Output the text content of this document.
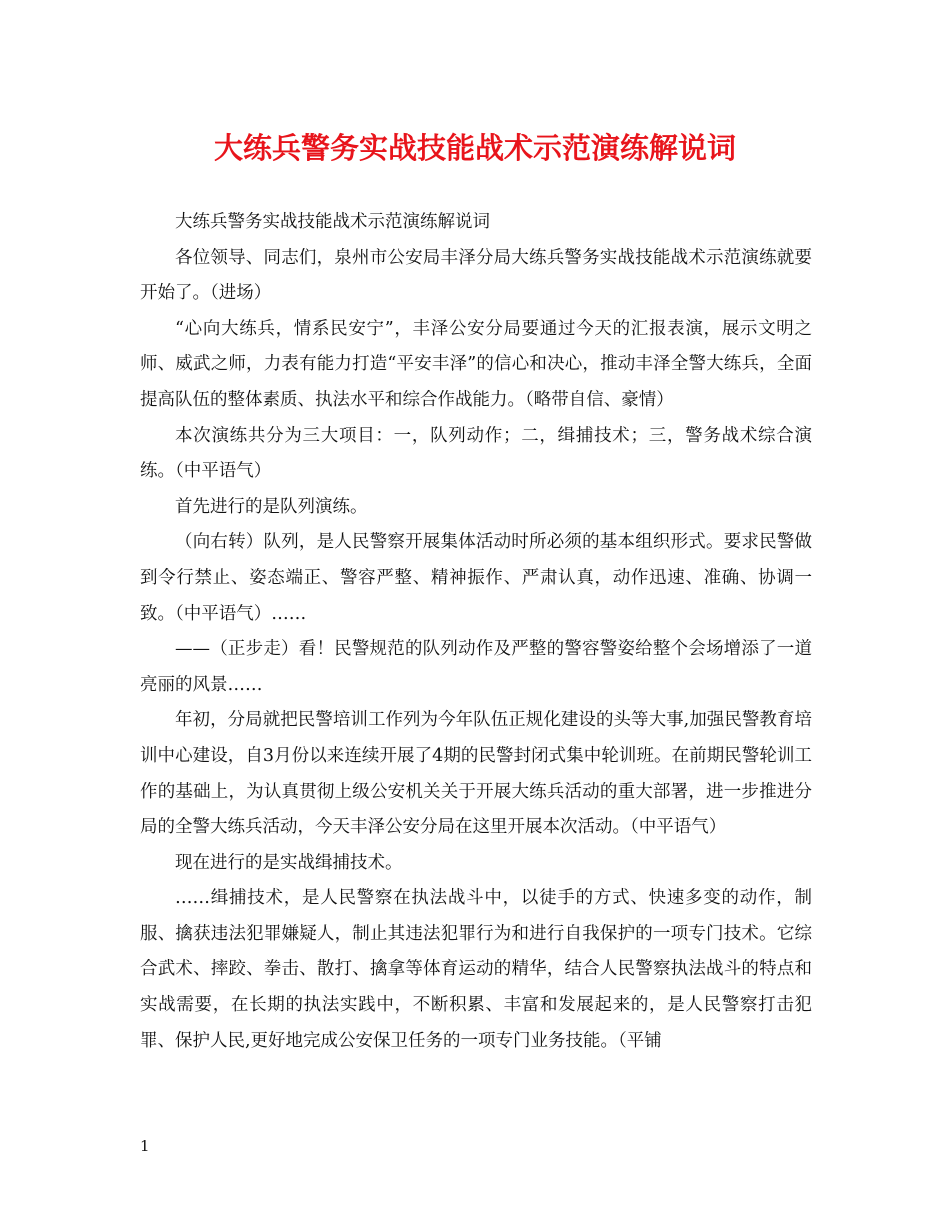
大练兵警务实战技能战术示范演练解说词

大练兵警务实战技能战术示范演练解说词

各位领导、同志们，泉州市公安局丰泽分局大练兵警务实战技能战术示范演练就要开始了。（进场）

“心向大练兵，情系民安宁”，丰泽公安分局要通过今天的汇报表演，展示文明之师、威武之师，力表有能力打造“平安丰泽”的信心和决心，推动丰泽全警大练兵，全面提高队伍的整体素质、执法水平和综合作战能力。（略带自信、豪情）

本次演练共分为三大项目：一，队列动作；二，缉捕技术；三，警务战术综合演练。（中平语气）

首先进行的是队列演练。

（向右转）队列，是人民警察开展集体活动时所必须的基本组织形式。要求民警做到令行禁止、姿态端正、警容严整、精神振作、严肃认真，动作迅速、准确、协调一致。（中平语气）……

——（正步走）看！民警规范的队列动作及严整的警容警姿给整个会场增添了一道亮丽的风景……

年初，分局就把民警培训工作列为今年队伍正规化建设的头等大事,加强民警教育培训中心建设，自3月份以来连续开展了4期的民警封闭式集中轮训班。在前期民警轮训工作的基础上，为认真贯彻上级公安机关关于开展大练兵活动的重大部署，进一步推进分局的全警大练兵活动，今天丰泽公安分局在这里开展本次活动。（中平语气）

现在进行的是实战缉捕技术。

……缉捕技术，是人民警察在执法战斗中，以徒手的方式、快速多变的动作，制服、擒获违法犯罪嫌疑人，制止其违法犯罪行为和进行自我保护的一项专门技术。它综合武术、摔跤、拳击、散打、擒拿等体育运动的精华，结合人民警察执法战斗的特点和实战需要，在长期的执法实践中，不断积累、丰富和发展起来的，是人民警察打击犯罪、保护人民,更好地完成公安保卫任务的一项专门业务技能。（平铺

1
